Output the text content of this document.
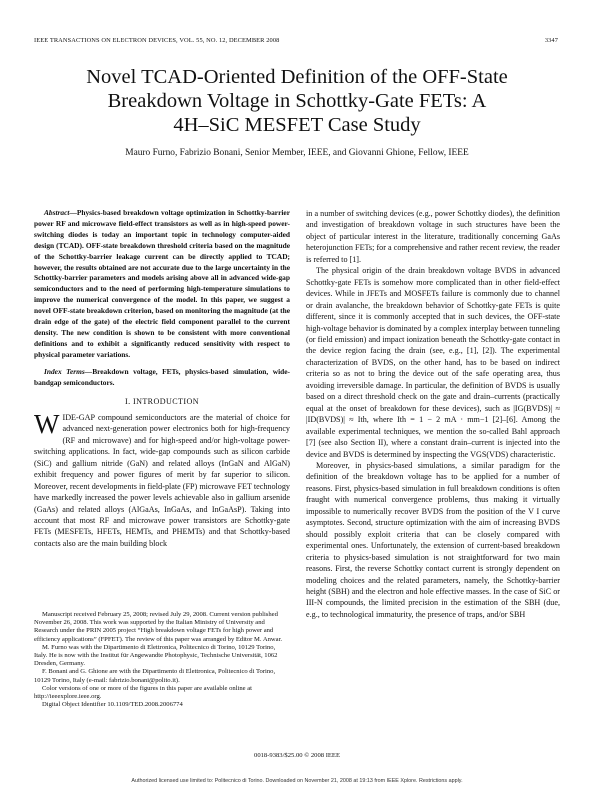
IEEE TRANSACTIONS ON ELECTRON DEVICES, VOL. 55, NO. 12, DECEMBER 2008	3347
Novel TCAD-Oriented Definition of the OFF-State
Breakdown Voltage in Schottky-Gate FETs: A
4H–SiC MESFET Case Study
Mauro Furno, Fabrizio Bonani, Senior Member, IEEE, and Giovanni Ghione, Fellow, IEEE

Abstract—Physics-based breakdown voltage optimization in Schottky-barrier power RF and microwave field-effect transistors as well as in high-speed power-switching diodes is today an important topic in technology computer-aided design (TCAD). OFF-state breakdown threshold criteria based on the magnitude of the Schottky-barrier leakage current can be directly applied to TCAD; however, the results obtained are not accurate due to the large uncertainty in the Schottky-barrier parameters and models arising above all in advanced wide-gap semiconductors and to the need of performing high-temperature simulations to improve the numerical convergence of the model. In this paper, we suggest a novel OFF-state breakdown criterion, based on monitoring the magnitude (at the drain edge of the gate) of the electric field component parallel to the current density. The new condition is shown to be consistent with more conventional definitions and to exhibit a significantly reduced sensitivity with respect to physical parameter variations.

Index Terms—Breakdown voltage, FETs, physics-based simulation, wide-bandgap semiconductors.

I. INTRODUCTION

WIDE-GAP compound semiconductors are the material of choice for advanced next-generation power electronics both for high-frequency (RF and microwave) and for high-speed and/or high-voltage power-switching applications. In fact, wide-gap compounds such as silicon carbide (SiC) and gallium nitride (GaN) and related alloys (InGaN and AlGaN) exhibit frequency and power figures of merit by far superior to silicon. Moreover, recent developments in field-plate (FP) microwave FET technology have markedly increased the power levels achievable also in gallium arsenide (GaAs) and related alloys (AlGaAs, InGaAs, and InGaAsP). Taking into account that most RF and microwave power transistors are Schottky-gate FETs (MESFETs, HFETs, HEMTs, and PHEMTs) and that Schottky-based contacts also are the main building block

Manuscript received February 25, 2008; revised July 29, 2008. Current version published November 26, 2008. This work was supported by the Italian Ministry of University and Research under the PRIN 2005 project “High breakdown voltage FETs for high power and efficiency applications” (FPFET). The review of this paper was arranged by Editor M. Anwar.

M. Furno was with the Dipartimento di Elettronica, Politecnico di Torino, 10129 Torino, Italy. He is now with the Institut für Angewandte Photophysic, Technische Universität, 1062 Dresden, Germany.

F. Bonani and G. Ghione are with the Dipartimento di Elettronica, Politecnico di Torino, 10129 Torino, Italy (e-mail: fabrizio.bonani@polito.it).

Color versions of one or more of the figures in this paper are available online at http://ieeexplore.ieee.org.

Digital Object Identifier 10.1109/TED.2008.2006774

in a number of switching devices (e.g., power Schottky diodes), the definition and investigation of breakdown voltage in such structures have been the object of particular interest in the literature, traditionally concerning GaAs heterojunction FETs; for a comprehensive and rather recent review, the reader is referred to [1].

The physical origin of the drain breakdown voltage BVDS in advanced Schottky-gate FETs is somehow more complicated than in other field-effect devices. While in JFETs and MOSFETs failure is commonly due to channel or drain avalanche, the breakdown behavior of Schottky-gate FETs is quite different, since it is commonly accepted that in such devices, the OFF-state high-voltage behavior is dominated by a complex interplay between tunneling (or field emission) and impact ionization beneath the Schottky-gate contact in the device region facing the drain (see, e.g., [1], [2]). The experimental characterization of BVDS, on the other hand, has to be based on indirect criteria so as not to bring the device out of the safe operating area, thus avoiding irreversible damage. In particular, the definition of BVDS is usually based on a direct threshold check on the gate and drain–currents (practically equal at the onset of breakdown for these devices), such as |IG(BVDS)| ≈ |ID(BVDS)| ≈ Ith, where Ith = 1 − 2 mA · mm−1 [2]–[6]. Among the available experimental techniques, we mention the so-called Bahl approach [7] (see also Section II), where a constant drain–current is injected into the device and BVDS is determined by inspecting the VGS(VDS) characteristic.

Moreover, in physics-based simulations, a similar paradigm for the definition of the breakdown voltage has to be applied for a number of reasons. First, physics-based simulation in full breakdown conditions is often fraught with numerical convergence problems, thus making it virtually impossible to numerically recover BVDS from the position of the V I curve asymptotes. Second, structure optimization with the aim of increasing BVDS should possibly exploit criteria that can be closely compared with experimental ones. Unfortunately, the extension of current-based breakdown criteria to physics-based simulation is not straightforward for two main reasons. First, the reverse Schottky contact current is strongly dependent on modeling choices and the related parameters, namely, the Schottky-barrier height (SBH) and the electron and hole effective masses. In the case of SiC or III-N compounds, the limited precision in the estimation of the SBH (due, e.g., to technological immaturity, the presence of traps, and/or SBH

0018-9383/$25.00 © 2008 IEEE
Authorized licensed use limited to: Politecnico di Torino. Downloaded on November 21, 2008 at 19:13 from IEEE Xplore. Restrictions apply.
